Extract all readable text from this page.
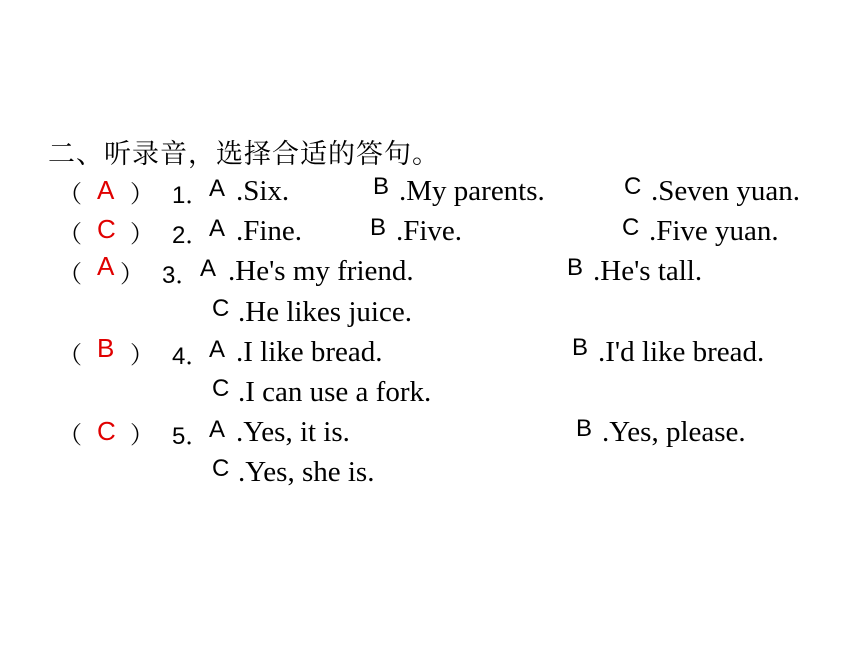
二、听录音，选择合适的答句。
（ A ） 1． A .Six.	B .My parents.	C .Seven yuan.
（ C ） 2． A .Fine.	B .Five.	C .Five yuan.
（ A ） 3． A .He's my friend.	B .He's tall.
C .He likes juice.
（ B ） 4． A .I like bread.	B .I'd like bread.
C .I can use a fork.
（ C ） 5． A .Yes, it is.	B .Yes, please.
C .Yes, she is.
